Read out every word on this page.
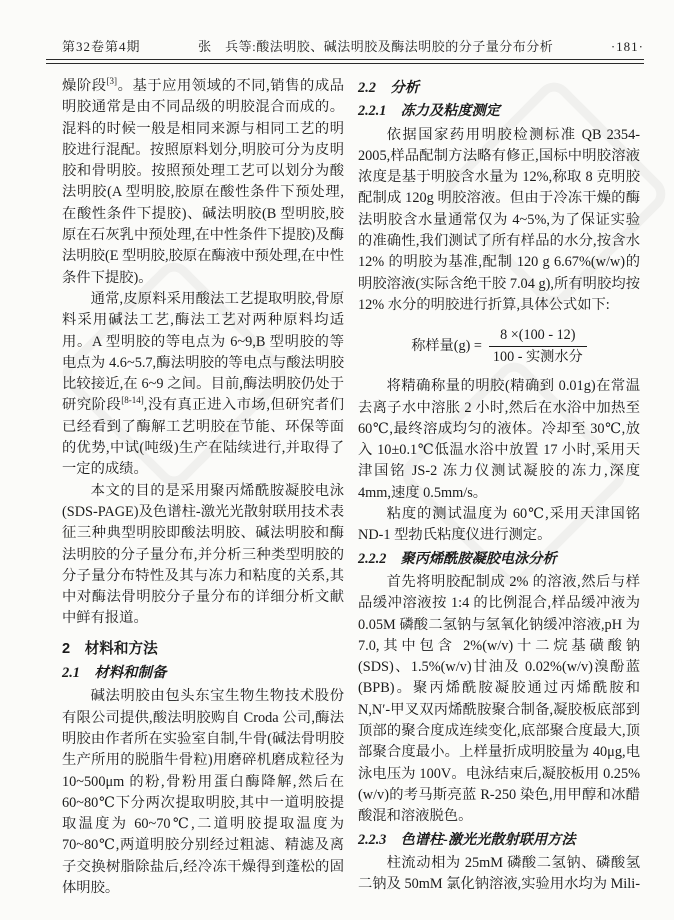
第32卷第4期	张　兵等:酸法明胶、碱法明胶及酶法明胶的分子量分布分析	·181·

燥阶段[3]。基于应用领域的不同,销售的成品明胶通常是由不同品级的明胶混合而成的。混料的时候一般是相同来源与相同工艺的明胶进行混配。按照原料划分,明胶可分为皮明胶和骨明胶。按照预处理工艺可以划分为酸法明胶(A 型明胶,胶原在酸性条件下预处理,在酸性条件下提胶)、碱法明胶(B 型明胶,胶原在石灰乳中预处理,在中性条件下提胶)及酶法明胶(E 型明胶,胶原在酶液中预处理,在中性条件下提胶)。

通常,皮原料采用酸法工艺提取明胶,骨原料采用碱法工艺,酶法工艺对两种原料均适用。A 型明胶的等电点为 6~9,B 型明胶的等电点为 4.6~5.7,酶法明胶的等电点与酸法明胶比较接近,在 6~9 之间。目前,酶法明胶仍处于研究阶段[8-14],没有真正进入市场,但研究者们已经看到了酶解工艺明胶在节能、环保等面的优势,中试(吨级)生产在陆续进行,并取得了一定的成绩。

本文的目的是采用聚丙烯酰胺凝胶电泳(SDS-PAGE)及色谱柱-激光光散射联用技术表征三种典型明胶即酸法明胶、碱法明胶和酶法明胶的分子量分布,并分析三种类型明胶的分子量分布特性及其与冻力和粘度的关系,其中对酶法骨明胶分子量分布的详细分析文献中鲜有报道。

2　材料和方法
2.1　材料和制备

碱法明胶由包头东宝生物生物技术股份有限公司提供,酸法明胶购自 Croda 公司,酶法明胶由作者所在实验室自制,牛骨(碱法骨明胶生产所用的脱脂牛骨粒)用磨碎机磨成粒径为 10~500μm 的粉,骨粉用蛋白酶降解,然后在 60~80℃下分两次提取明胶,其中一道明胶提取温度为 60~70℃,二道明胶提取温度为 70~80℃,两道明胶分别经过粗滤、精滤及离子交换树脂除盐后,经冷冻干燥得到蓬松的固体明胶。

2.2　分析
2.2.1　冻力及粘度测定

依据国家药用明胶检测标准 QB 2354-2005,样品配制方法略有修正,国标中明胶溶液浓度是基于明胶含水量为 12%,称取 8 克明胶配制成 120g 明胶溶液。但由于冷冻干燥的酶法明胶含水量通常仅为 4~5%,为了保证实验的准确性,我们测试了所有样品的水分,按含水 12% 的明胶为基准,配制 120 g 6.67%(w/w)的明胶溶液(实际含绝干胶 7.04 g),所有明胶均按 12% 水分的明胶进行折算,具体公式如下:

称样量$(g) = \frac{8 \times(100 - 12)}{\text{100 - 实测水分}}$

将精确称量的明胶(精确到 0.01g)在常温去离子水中溶胀 2 小时,然后在水浴中加热至 60℃,最终溶成均匀的液体。冷却至 30℃,放入 10±0.1℃低温水浴中放置 17 小时,采用天津国铭 JS-2 冻力仪测试凝胶的冻力,深度 4mm,速度 0.5mm/s。

粘度的测试温度为 60℃,采用天津国铭 ND-1 型勃氏粘度仪进行测定。

2.2.2　聚丙烯酰胺凝胶电泳分析

首先将明胶配制成 2% 的溶液,然后与样品缓冲溶液按 1:4 的比例混合,样品缓冲液为 0.05M 磷酸二氢钠与氢氧化钠缓冲溶液,pH 为 7.0,其中包含 2%(w/v)十二烷基磺酸钠(SDS)、1.5%(w/v)甘油及 0.02%(w/v)溴酚蓝(BPB)。聚丙烯酰胺凝胶通过丙烯酰胺和 N,N′-甲叉双丙烯酰胺聚合制备,凝胶板底部到顶部的聚合度成连续变化,底部聚合度最大,顶部聚合度最小。上样量折成明胶量为 40μg,电泳电压为 100V。电泳结束后,凝胶板用 0.25%(w/v)的考马斯亮蓝 R-250 染色,用甲醇和冰醋酸混和溶液脱色。

2.2.3　色谱柱-激光光散射联用方法

柱流动相为 25mM 磷酸二氢钠、磷酸氢二钠及 50mM 氯化钠溶液,实验用水均为 Mili-
